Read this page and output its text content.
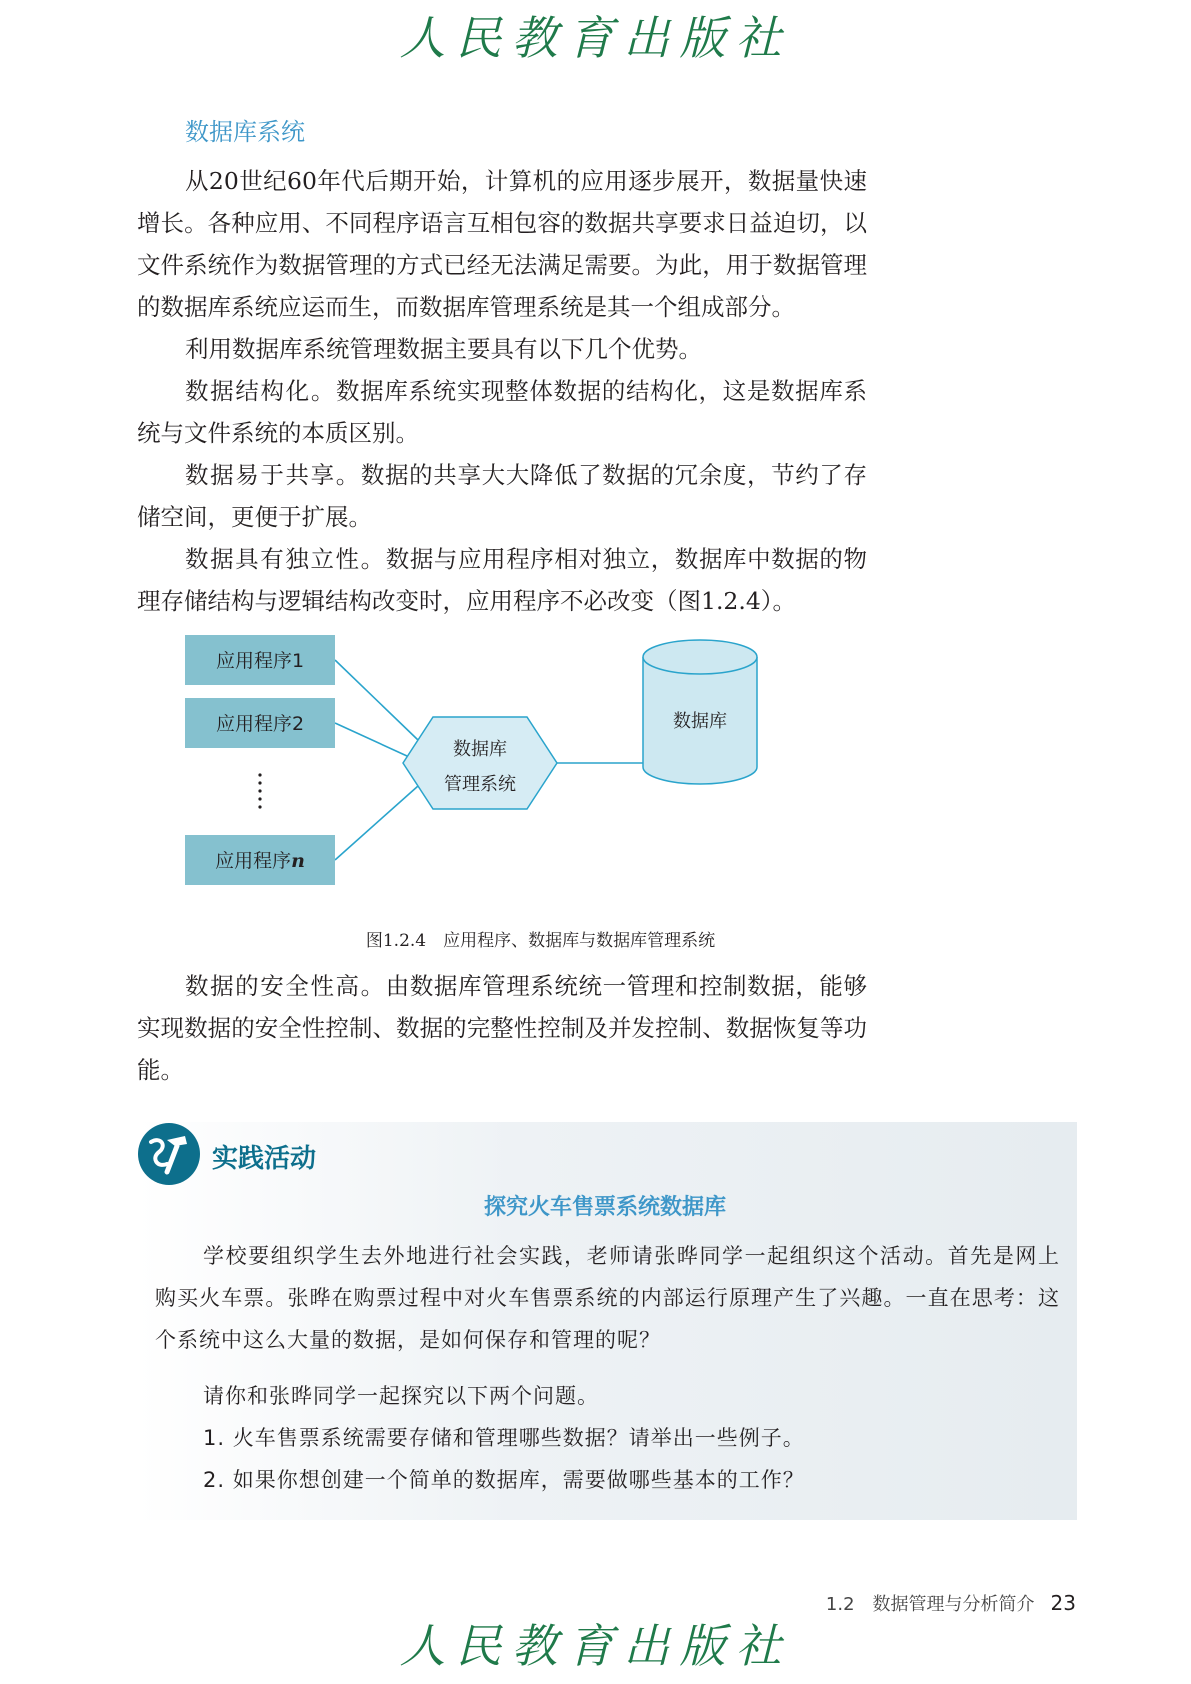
人民教育出版社
数据库系统

从20世纪60年代后期开始，计算机的应用逐步展开，数据量快速增长。各种应用、不同程序语言互相包容的数据共享要求日益迫切，以文件系统作为数据管理的方式已经无法满足需要。为此，用于数据管理的数据库系统应运而生，而数据库管理系统是其一个组成部分。

利用数据库系统管理数据主要具有以下几个优势。

数据结构化。数据库系统实现整体数据的结构化，这是数据库系统与文件系统的本质区别。

数据易于共享。数据的共享大大降低了数据的冗余度，节约了存储空间，更便于扩展。

数据具有独立性。数据与应用程序相对独立，数据库中数据的物理存储结构与逻辑结构改变时，应用程序不必改变（图1.2.4）。

应用程序1
应用程序2
应用程序n
数据库
管理系统
数据库
图1.2.4　应用程序、数据库与数据库管理系统

数据的安全性高。由数据库管理系统统一管理和控制数据，能够实现数据的安全性控制、数据的完整性控制及并发控制、数据恢复等功能。

实践活动
探究火车售票系统数据库

学校要组织学生去外地进行社会实践，老师请张晔同学一起组织这个活动。首先是网上购买火车票。张晔在购票过程中对火车售票系统的内部运行原理产生了兴趣。一直在思考：这个系统中这么大量的数据，是如何保存和管理的呢？

请你和张晔同学一起探究以下两个问题。

1. 火车售票系统需要存储和管理哪些数据？请举出一些例子。

2. 如果你想创建一个简单的数据库，需要做哪些基本的工作？

1.2　数据管理与分析简介 23
人民教育出版社
